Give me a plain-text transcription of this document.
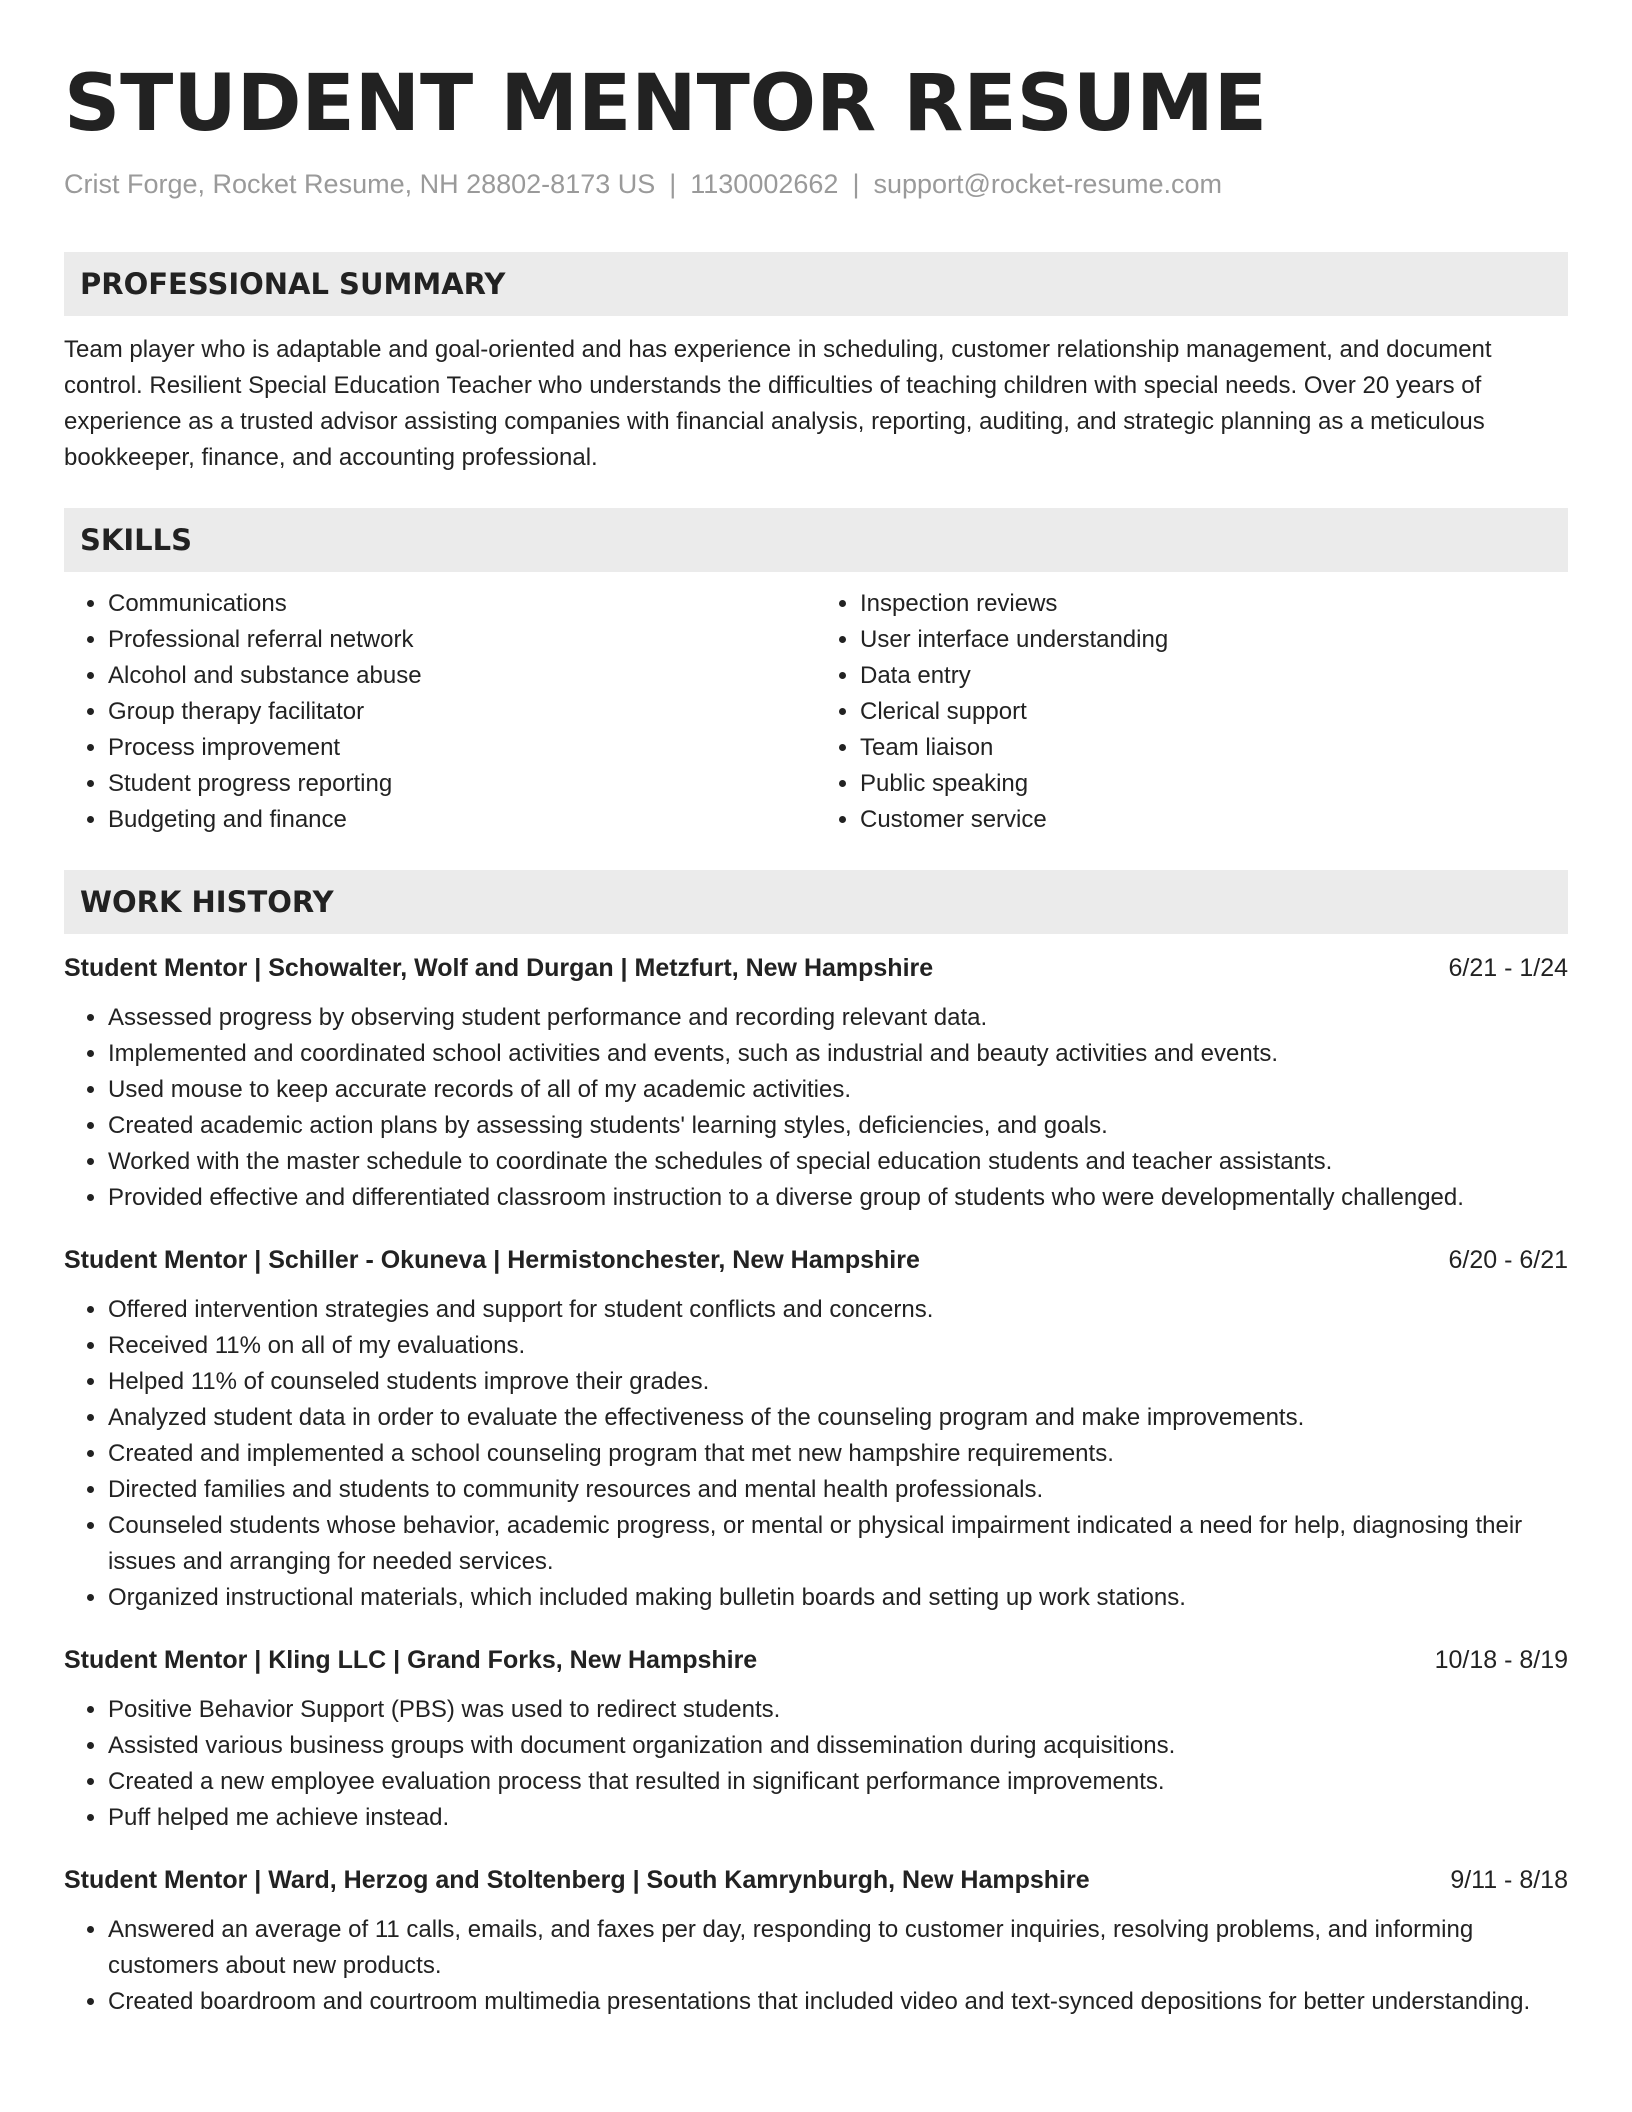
STUDENT MENTOR RESUME
Crist Forge, Rocket Resume, NH 28802-8173 US | 1130002662 | support@rocket-resume.com
PROFESSIONAL SUMMARY
Team player who is adaptable and goal-oriented and has experience in scheduling, customer relationship management, and document control. Resilient Special Education Teacher who understands the difficulties of teaching children with special needs. Over 20 years of experience as a trusted advisor assisting companies with financial analysis, reporting, auditing, and strategic planning as a meticulous bookkeeper, finance, and accounting professional.
SKILLS
• Communications
• Professional referral network
• Alcohol and substance abuse
• Group therapy facilitator
• Process improvement
• Student progress reporting
• Budgeting and finance
• Inspection reviews
• User interface understanding
• Data entry
• Clerical support
• Team liaison
• Public speaking
• Customer service
WORK HISTORY
Student Mentor | Schowalter, Wolf and Durgan | Metzfurt, New Hampshire	6/21 - 1/24
• Assessed progress by observing student performance and recording relevant data.
• Implemented and coordinated school activities and events, such as industrial and beauty activities and events.
• Used mouse to keep accurate records of all of my academic activities.
• Created academic action plans by assessing students' learning styles, deficiencies, and goals.
• Worked with the master schedule to coordinate the schedules of special education students and teacher assistants.
• Provided effective and differentiated classroom instruction to a diverse group of students who were developmentally challenged.
Student Mentor | Schiller - Okuneva | Hermistonchester, New Hampshire	6/20 - 6/21
• Offered intervention strategies and support for student conflicts and concerns.
• Received 11% on all of my evaluations.
• Helped 11% of counseled students improve their grades.
• Analyzed student data in order to evaluate the effectiveness of the counseling program and make improvements.
• Created and implemented a school counseling program that met new hampshire requirements.
• Directed families and students to community resources and mental health professionals.
• Counseled students whose behavior, academic progress, or mental or physical impairment indicated a need for help, diagnosing their issues and arranging for needed services.
• Organized instructional materials, which included making bulletin boards and setting up work stations.
Student Mentor | Kling LLC | Grand Forks, New Hampshire	10/18 - 8/19
• Positive Behavior Support (PBS) was used to redirect students.
• Assisted various business groups with document organization and dissemination during acquisitions.
• Created a new employee evaluation process that resulted in significant performance improvements.
• Puff helped me achieve instead.
Student Mentor | Ward, Herzog and Stoltenberg | South Kamrynburgh, New Hampshire	9/11 - 8/18
• Answered an average of 11 calls, emails, and faxes per day, responding to customer inquiries, resolving problems, and informing customers about new products.
• Created boardroom and courtroom multimedia presentations that included video and text-synced depositions for better understanding.
